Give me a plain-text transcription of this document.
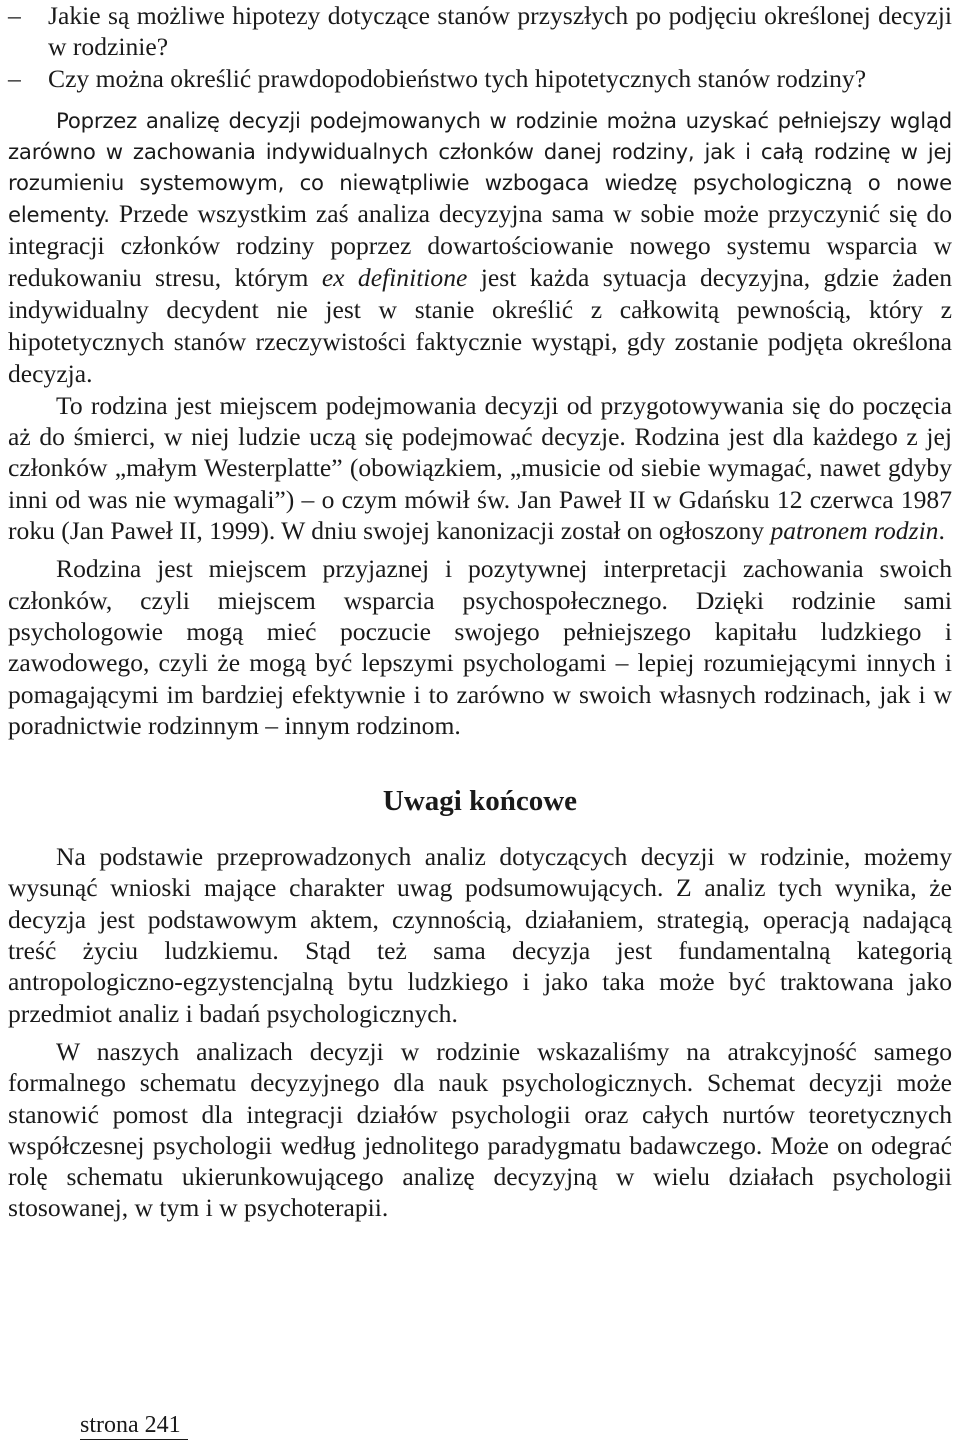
– Jakie są możliwe hipotezy dotyczące stanów przyszłych po podjęciu określonej decyzji w rodzinie?
– Czy można określić prawdopodobieństwo tych hipotetycznych stanów rodziny?

Poprzez analizę decyzji podejmowanych w rodzinie można uzyskać pełniejszy wgląd zarówno w zachowania indywidualnych członków danej rodziny, jak i całą rodzinę w jej rozumieniu systemowym, co niewątpliwie wzbogaca wiedzę psychologiczną o nowe elementy. Przede wszystkim zaś analiza decyzyjna sama w sobie może przyczynić się do integracji członków rodziny poprzez dowartościowanie nowego systemu wsparcia w redukowaniu stresu, którym ex definitione jest każda sytuacja decyzyjna, gdzie żaden indywidualny decydent nie jest w stanie określić z całkowitą pewnością, który z hipotetycznych stanów rzeczywistości faktycznie wystąpi, gdy zostanie podjęta określona decyzja.

To rodzina jest miejscem podejmowania decyzji od przygotowywania się do poczęcia aż do śmierci, w niej ludzie uczą się podejmować decyzje. Rodzina jest dla każdego z jej członków „małym Westerplatte” (obowiązkiem, „musicie od siebie wymagać, nawet gdyby inni od was nie wymagali”) – o czym mówił św. Jan Paweł II w Gdańsku 12 czerwca 1987 roku (Jan Paweł II, 1999). W dniu swojej kanonizacji został on ogłoszony patronem rodzin.

Rodzina jest miejscem przyjaznej i pozytywnej interpretacji zachowania swoich członków, czyli miejscem wsparcia psychospołecznego. Dzięki rodzinie sami psychologowie mogą mieć poczucie swojego pełniejszego kapitału ludzkiego i zawodowego, czyli że mogą być lepszymi psychologami – lepiej rozumiejącymi innych i pomagającymi im bardziej efektywnie i to zarówno w swoich własnych rodzinach, jak i w poradnictwie rodzinnym – innym rodzinom.

Uwagi końcowe

Na podstawie przeprowadzonych analiz dotyczących decyzji w rodzinie, możemy wysunąć wnioski mające charakter uwag podsumowujących. Z analiz tych wynika, że decyzja jest podstawowym aktem, czynnością, działaniem, strategią, operacją nadającą treść życiu ludzkiemu. Stąd też sama decyzja jest fundamentalną kategorią antropologiczno-egzystencjalną bytu ludzkiego i jako taka może być traktowana jako przedmiot analiz i badań psychologicznych.

W naszych analizach decyzji w rodzinie wskazaliśmy na atrakcyjność samego formalnego schematu decyzyjnego dla nauk psychologicznych. Schemat decyzji może stanowić pomost dla integracji działów psychologii oraz całych nurtów teoretycznych współczesnej psychologii według jednolitego paradygmatu badawczego. Może on odegrać rolę schematu ukierunkowującego analizę decyzyjną w wielu działach psychologii stosowanej, w tym i w psychoterapii.

strona 241
